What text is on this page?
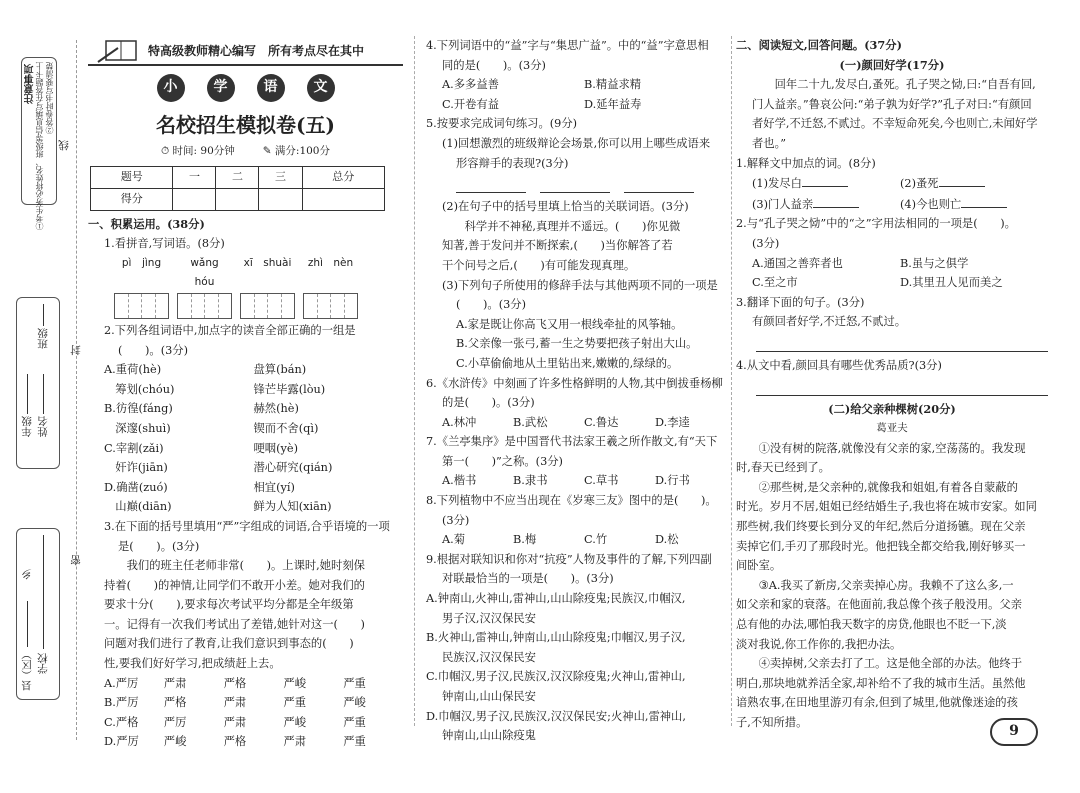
注意事项 ①考生务必将姓名、班级等信息填写在答题卡上 ②答卷时书写要清楚
线
封
密
年级 姓名
班级
县（区）
乡
学校
特高级教师精心编写　所有考点尽在其中
小	学	语	文
名校招生模拟卷(五)
⏱ 时间: 90分钟	✎ 满分:100分
题号	一	二	三	总分
得分				
一、积累运用。(38分)
1.看拼音,写词语。(8分)
pì　jìng	wǎng　hóu
xī　shuài	zhì　nèn
2.下列各组词语中,加点字的读音全部正确的一组是
(　　)。(3分)
A.重荷(hè)	盘算(bán)
　筹划(chóu)	锋芒毕露(lòu)
B.彷徨(fáng)	赫然(hè)
　深邃(shuì)	锲而不舍(qì)
C.宰割(zǎi)	哽咽(yè)
　奸诈(jiān)	潜心研究(qián)
D.确凿(zuó)	相宜(yí)
　山巅(diān)	鲜为人知(xiān)
3.在下面的括号里填用“严”字组成的词语,合乎语境的一项
是(　　)。(3分)
我们的班主任老师非常(　　)。上课时,她时刻保
持着(　　)的神情,让同学们不敢开小差。她对我们的
要求十分(　　),要求每次考试平均分都是全年级第
一。记得有一次我们考试出了差错,她针对这一(　　)
问题对我们进行了教育,让我们意识到事态的(　　)
性,要我们好好学习,把成绩赶上去。
A.严厉	严肃	严格	严峻	严重
B.严厉	严格	严肃	严重	严峻
C.严格	严厉	严肃	严峻	严重
D.严厉	严峻	严格	严肃	严重
4.下列词语中的“益”字与“集思广益”。中的“益”字意思相
同的是(　　)。(3分)
A.多多益善	B.精益求精
C.开卷有益	D.延年益寿
5.按要求完成词句练习。(9分)
(1)回想激烈的班级辩论会场景,你可以用上哪些成语来
形容辩手的表现?(3分)
(2)在句子中的括号里填上恰当的关联词语。(3分)
科学并不神秘,真理并不遥远。(　　)你见微
知著,善于发问并不断探索,(　　)当你解答了若
干个问号之后,(　　)有可能发现真理。
(3)下列句子所使用的修辞手法与其他两项不同的一项是
(　　)。(3分)
A.家是既让你高飞又用一根线牵扯的风筝轴。
B.父亲像一张弓,蓄一生之势要把孩子射出大山。
C.小草偷偷地从土里钻出来,嫩嫩的,绿绿的。
6.《水浒传》中刻画了许多性格鲜明的人物,其中倒拔垂杨柳
的是(　　)。(3分)
A.林冲	B.武松	C.鲁达	D.李逵
7.《兰亭集序》是中国晋代书法家王羲之所作散文,有“天下
第一(　　)”之称。(3分)
A.楷书	B.隶书	C.草书	D.行书
8.下列植物中不应当出现在《岁寒三友》图中的是(　　)。
(3分)
A.菊	B.梅	C.竹	D.松
9.根据对联知识和你对“抗疫”人物及事件的了解,下列四副
对联最恰当的一项是(　　)。(3分)
A.钟南山,火神山,雷神山,山山除疫鬼;民族汉,巾帼汉,
男子汉,汉汉保民安
B.火神山,雷神山,钟南山,山山除疫鬼;巾帼汉,男子汉,
民族汉,汉汉保民安
C.巾帼汉,男子汉,民族汉,汉汉除疫鬼;火神山,雷神山,
钟南山,山山保民安
D.巾帼汉,男子汉,民族汉,汉汉保民安;火神山,雷神山,
钟南山,山山除疫鬼
二、阅读短文,回答问题。(37分)
(一)颜回好学(17分)
回年二十九,发尽白,蚤死。孔子哭之恸,曰:“自吾有回,
门人益亲。”鲁哀公问:“弟子孰为好学?”孔子对曰:“有颜回
者好学,不迁怒,不贰过。不幸短命死矣,今也则亡,未闻好学
者也。”
1.解释文中加点的词。(8分)
(1)发尽白	(2)蚤死
(3)门人益亲	(4)今也则亡
2.与“孔子哭之恸”中的“之”字用法相同的一项是(　　)。
(3分)
A.通国之善弈者也	B.虽与之俱学
C.至之市	D.其里丑人见而美之
3.翻译下面的句子。(3分)
有颜回者好学,不迁怒,不贰过。
4.从文中看,颜回具有哪些优秀品质?(3分)
(二)给父亲种棵树(20分)
葛亚夫
①没有树的院落,就像没有父亲的家,空荡荡的。我发现
时,春天已经到了。
②那些树,是父亲种的,就像我和姐姐,有着各自蒙蔽的
时光。岁月不居,姐姐已经结婚生子,我也将在城市安家。如同
那些树,我们终要长到分叉的年纪,然后分道扬镳。现在父亲
卖掉它们,手刃了那段时光。他把钱全都交给我,刚好够买一
间卧室。
③A.我买了新房,父亲卖掉心房。我赖不了这么多,一
如父亲和家的衰落。在他面前,我总像个孩子般没用。父亲
总有他的办法,哪怕我天数字的房贷,他眼也不眨一下,淡
淡对我说,你工作你的,我把办法。
④卖掉树,父亲去打了工。这是他全部的办法。他终于
明白,那块地就养活全家,却补给不了我的城市生活。虽然他
谙熟农事,在田地里游刃有余,但到了城里,他就像迷途的孩
子,不知所措。
9
